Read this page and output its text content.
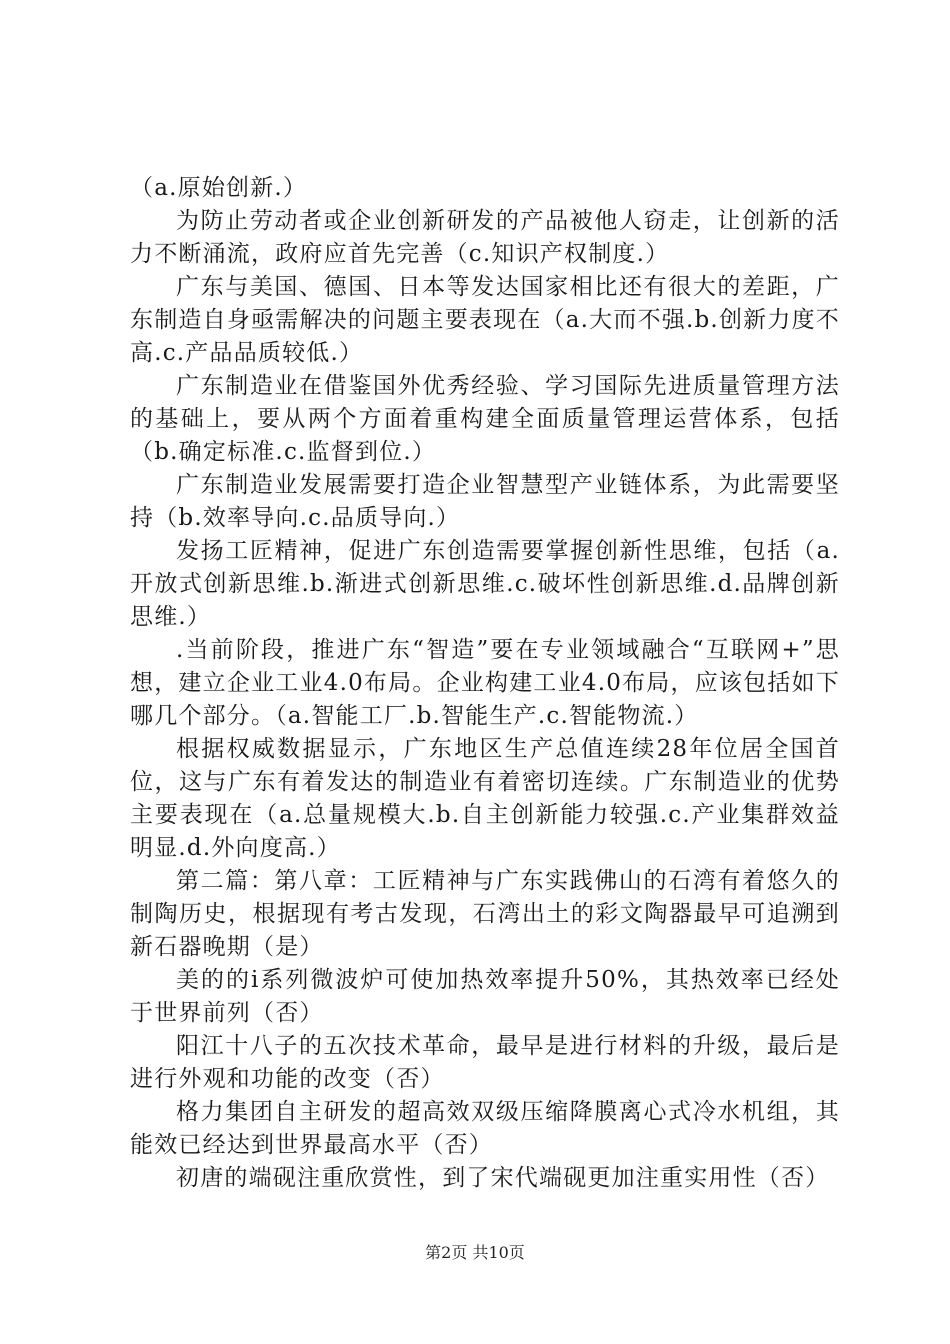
（a.原始创新.）

为防止劳动者或企业创新研发的产品被他人窃走，让创新的活力不断涌流，政府应首先完善（c.知识产权制度.）

广东与美国、德国、日本等发达国家相比还有很大的差距，广东制造自身亟需解决的问题主要表现在（a.大而不强.b.创新力度不高.c.产品品质较低.）

广东制造业在借鉴国外优秀经验、学习国际先进质量管理方法的基础上，要从两个方面着重构建全面质量管理运营体系，包括（b.确定标准.c.监督到位.）

广东制造业发展需要打造企业智慧型产业链体系，为此需要坚持（b.效率导向.c.品质导向.）

发扬工匠精神，促进广东创造需要掌握创新性思维，包括（a.开放式创新思维.b.渐进式创新思维.c.破坏性创新思维.d.品牌创新思维.）

.当前阶段，推进广东“智造”要在专业领域融合“互联网+”思想，建立企业工业4.0布局。企业构建工业4.0布局，应该包括如下哪几个部分。（a.智能工厂.b.智能生产.c.智能物流.）

根据权威数据显示，广东地区生产总值连续28年位居全国首位，这与广东有着发达的制造业有着密切连续。广东制造业的优势主要表现在（a.总量规模大.b.自主创新能力较强.c.产业集群效益明显.d.外向度高.）

第二篇：第八章：工匠精神与广东实践佛山的石湾有着悠久的制陶历史，根据现有考古发现，石湾出土的彩文陶器最早可追溯到新石器晚期（是）

美的的i系列微波炉可使加热效率提升50%，其热效率已经处于世界前列（否）

阳江十八子的五次技术革命，最早是进行材料的升级，最后是进行外观和功能的改变（否）

格力集团自主研发的超高效双级压缩降膜离心式冷水机组，其能效已经达到世界最高水平（否）

初唐的端砚注重欣赏性，到了宋代端砚更加注重实用性（否）

第2页 共10页
